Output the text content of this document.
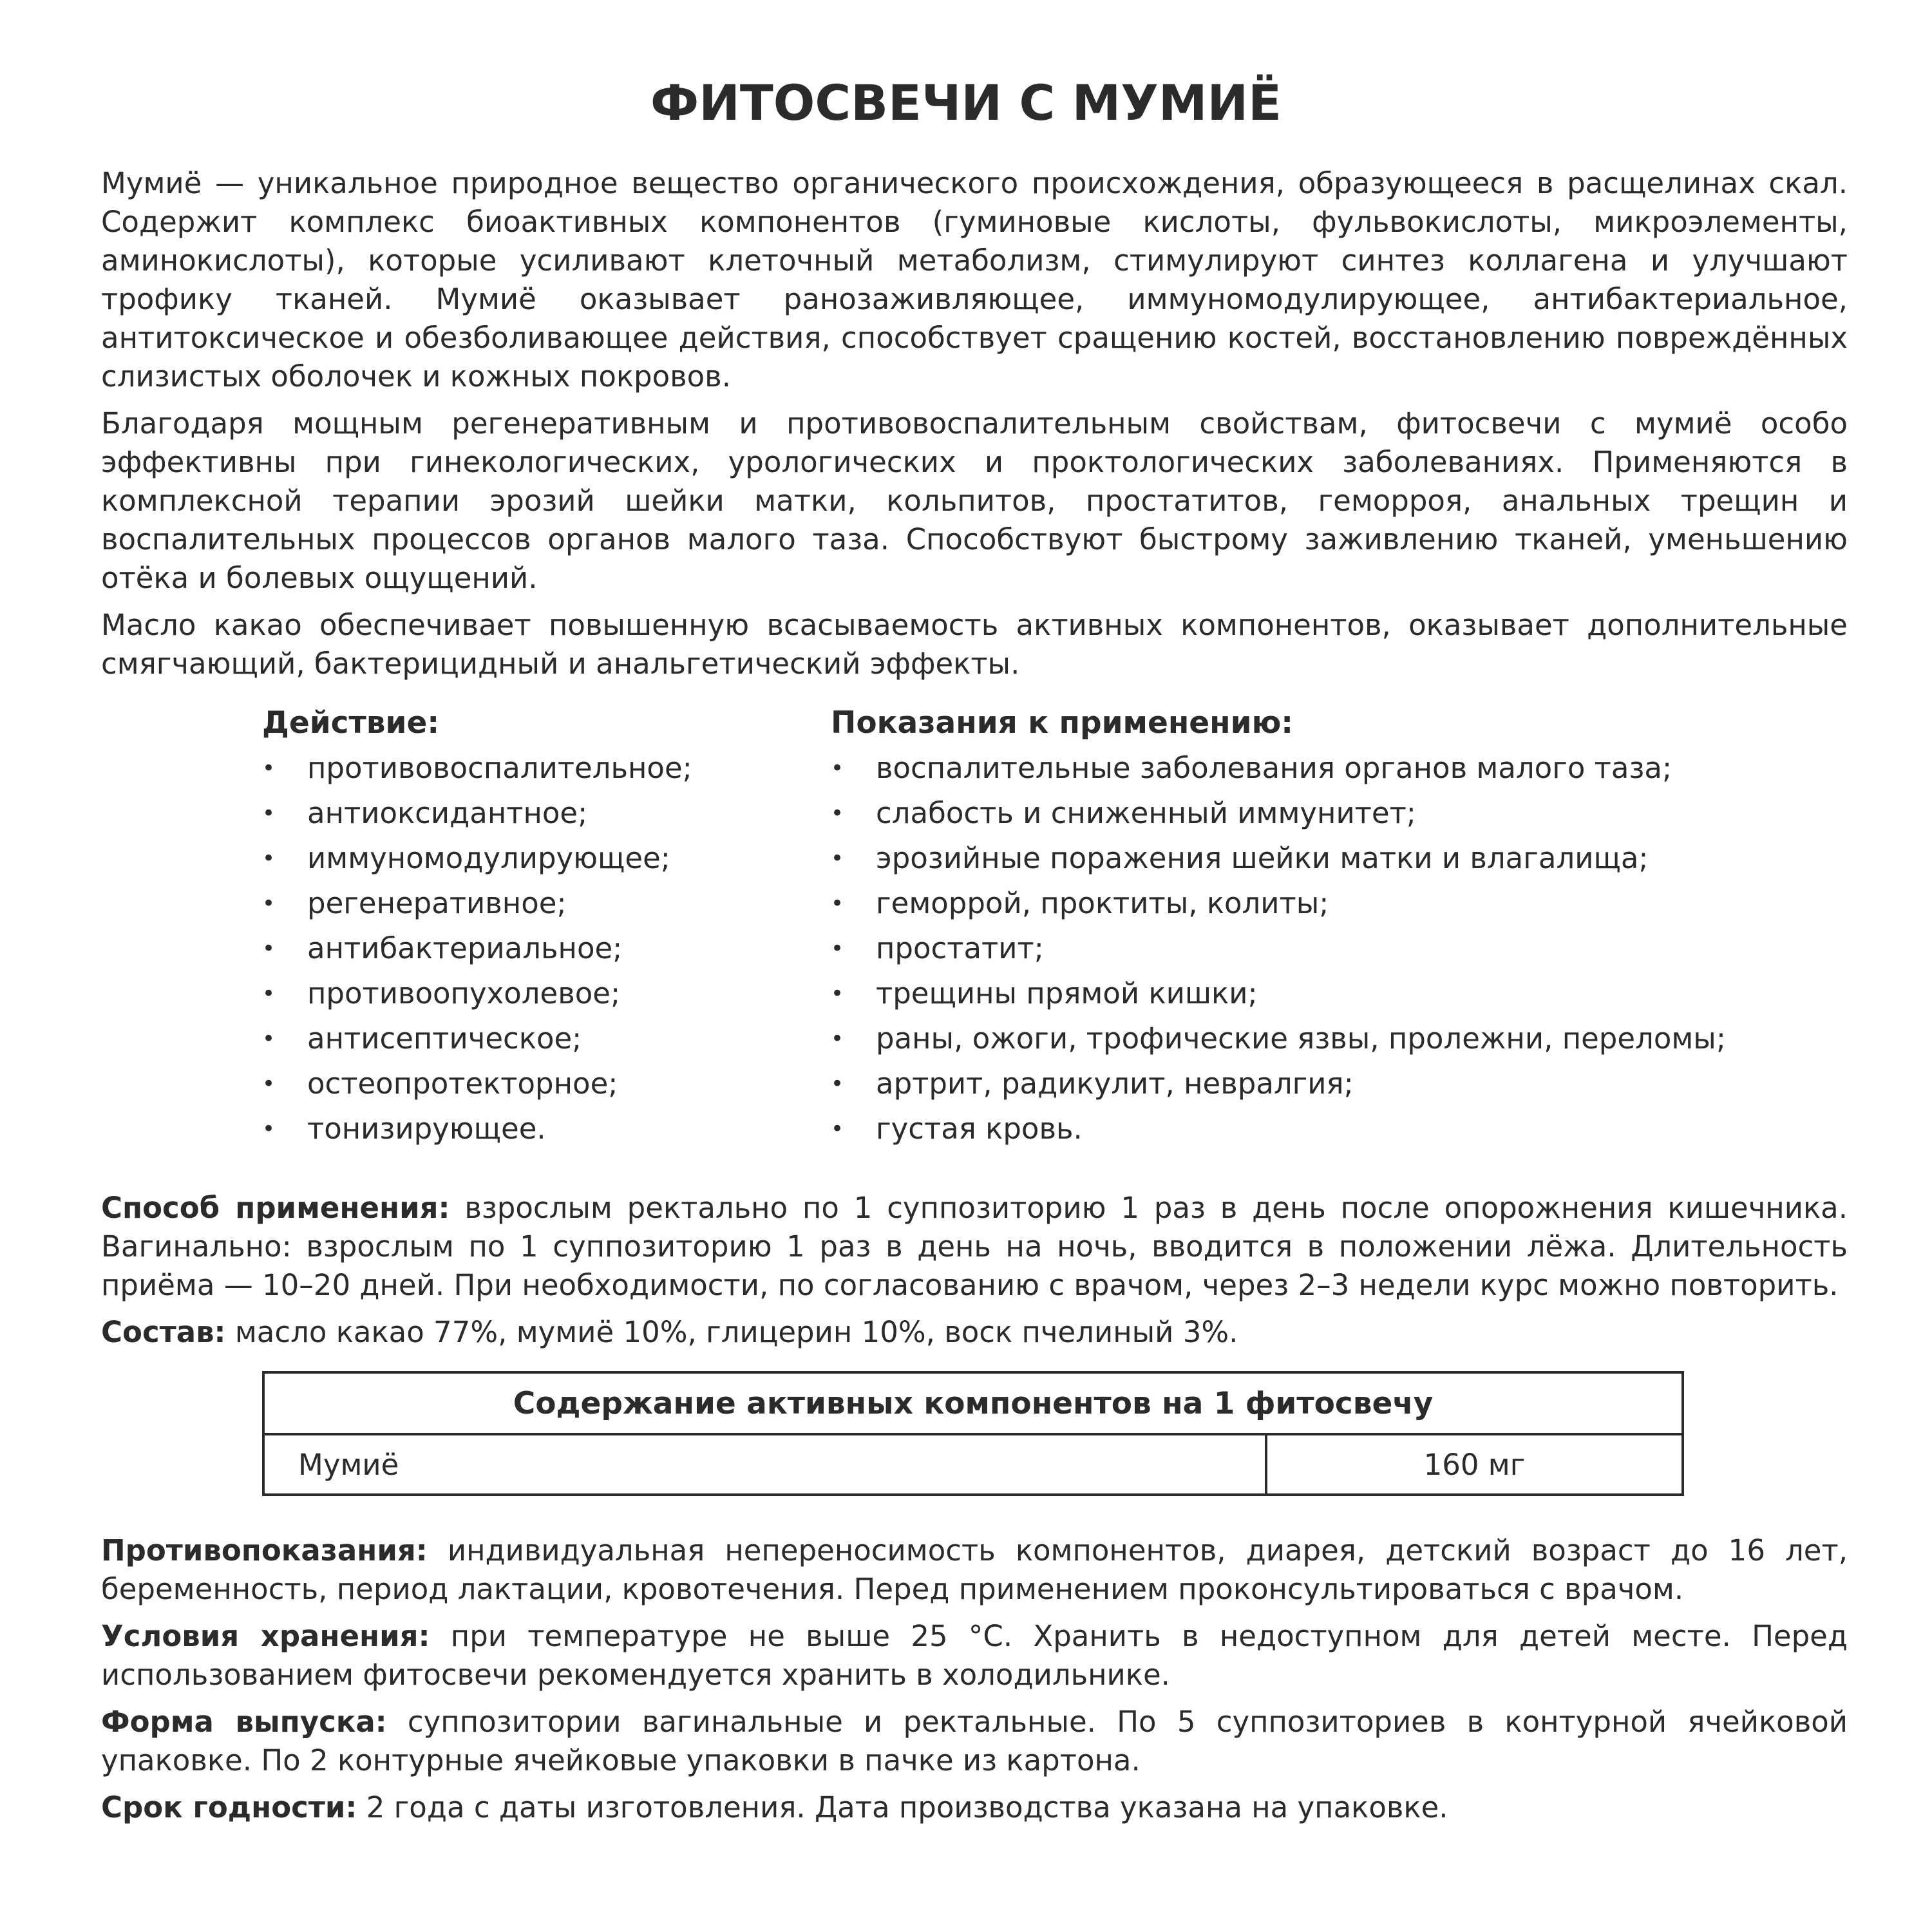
ФИТОСВЕЧИ С МУМИЁ

Мумиё — уникальное природное вещество органического происхождения, образующееся в расщелинах скал. Содержит комплекс биоактивных компонентов (гуминовые кислоты, фульвокислоты, микроэлементы, аминокислоты), которые усиливают клеточный метаболизм, стимулируют синтез коллагена и улучшают трофику тканей. Мумиё оказывает ранозаживляющее, иммуномодулирующее, антибактериальное, антитоксическое и обезболивающее действия, способствует сращению костей, восстановлению повреждённых слизистых оболочек и кожных покровов.

Благодаря мощным регенеративным и противовоспалительным свойствам, фитосвечи с мумиё особо эффективны при гинекологических, урологических и проктологических заболеваниях. Применяются в комплексной терапии эрозий шейки матки, кольпитов, простатитов, геморроя, анальных трещин и воспалительных процессов органов малого таза. Способствуют быстрому заживлению тканей, уменьшению отёка и болевых ощущений.

Масло какао обеспечивает повышенную всасываемость активных компонентов, оказывает дополнительные смягчающий, бактерицидный и анальгетический эффекты.

Действие:
• противовоспалительное;
• антиоксидантное;
• иммуномодулирующее;
• регенеративное;
• антибактериальное;
• противоопухолевое;
• антисептическое;
• остеопротекторное;
• тонизирующее.
Показания к применению:
• воспалительные заболевания органов малого таза;
• слабость и сниженный иммунитет;
• эрозийные поражения шейки матки и влагалища;
• геморрой, проктиты, колиты;
• простатит;
• трещины прямой кишки;
• раны, ожоги, трофические язвы, пролежни, переломы;
• артрит, радикулит, невралгия;
• густая кровь.

Способ применения: взрослым ректально по 1 суппозиторию 1 раз в день после опорожнения кишечника. Вагинально: взрослым по 1 суппозиторию 1 раз в день на ночь, вводится в положении лёжа. Длительность приёма — 10–20 дней. При необходимости, по согласованию с врачом, через 2–3 недели курс можно повторить.

Состав: масло какао 77%, мумиё 10%, глицерин 10%, воск пчелиный 3%.

Содержание активных компонентов на 1 фитосвечу
Мумиё	160 мг

Противопоказания: индивидуальная непереносимость компонентов, диарея, детский возраст до 16 лет, беременность, период лактации, кровотечения. Перед применением проконсультироваться с врачом.

Условия хранения: при температуре не выше 25 °С. Хранить в недоступном для детей месте. Перед использованием фитосвечи рекомендуется хранить в холодильнике.

Форма выпуска: суппозитории вагинальные и ректальные. По 5 суппозиториев в контурной ячейковой упаковке. По 2 контурные ячейковые упаковки в пачке из картона.

Срок годности: 2 года с даты изготовления. Дата производства указана на упаковке.
